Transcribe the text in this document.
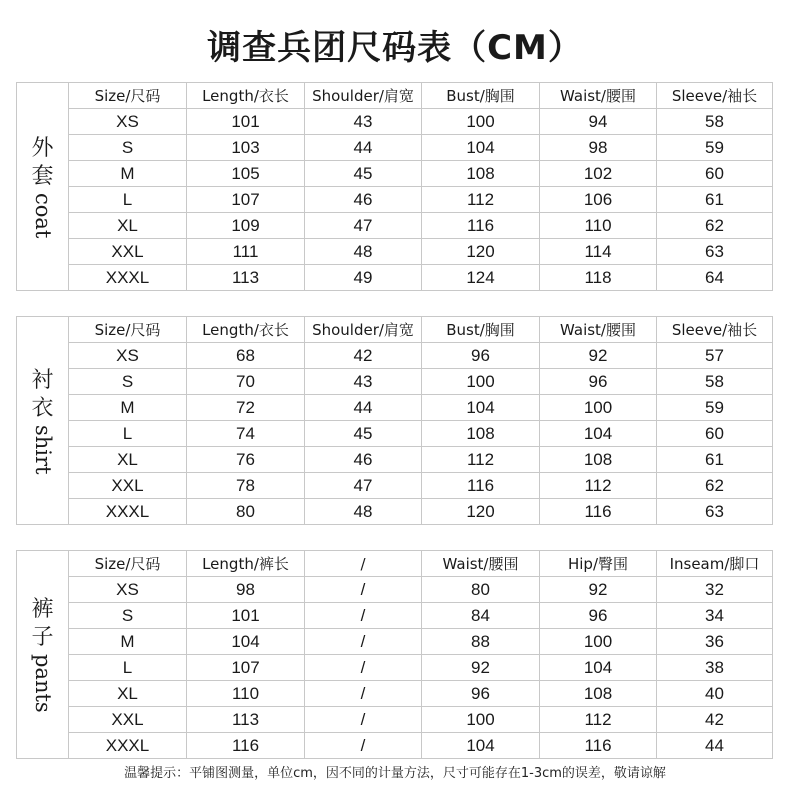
调查兵团尺码表（CM）
外
套
coat	Size/尺码	Length/衣长	Shoulder/肩宽	Bust/胸围	Waist/腰围	Sleeve/袖长
	XS	101	43	100	94	58
	S	103	44	104	98	59
	M	105	45	108	102	60
	L	107	46	112	106	61
	XL	109	47	116	110	62
	XXL	111	48	120	114	63
	XXXL	113	49	124	118	64
衬
衣
shirt	Size/尺码	Length/衣长	Shoulder/肩宽	Bust/胸围	Waist/腰围	Sleeve/袖长
	XS	68	42	96	92	57
	S	70	43	100	96	58
	M	72	44	104	100	59
	L	74	45	108	104	60
	XL	76	46	112	108	61
	XXL	78	47	116	112	62
	XXXL	80	48	120	116	63
裤
子
pants	Size/尺码	Length/裤长	/	Waist/腰围	Hip/臀围	Inseam/脚口
	XS	98	/	80	92	32
	S	101	/	84	96	34
	M	104	/	88	100	36
	L	107	/	92	104	38
	XL	110	/	96	108	40
	XXL	113	/	100	112	42
	XXXL	116	/	104	116	44
温馨提示：平铺图测量，单位cm，因不同的计量方法，尺寸可能存在1-3cm的误差，敬请谅解
